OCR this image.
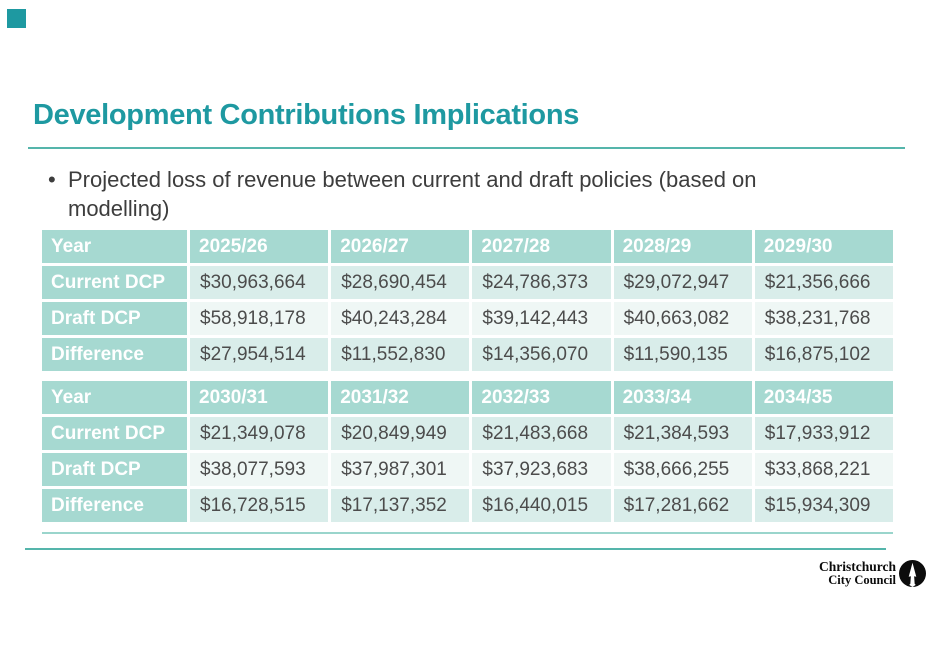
Development Contributions Implications
• Projected loss of revenue between current and draft policies (based on modelling)
Year	2025/26	2026/27	2027/28	2028/29	2029/30
Current DCP	$30,963,664	$28,690,454	$24,786,373	$29,072,947	$21,356,666
Draft DCP	$58,918,178	$40,243,284	$39,142,443	$40,663,082	$38,231,768
Difference	$27,954,514	$11,552,830	$14,356,070	$11,590,135	$16,875,102
Year	2030/31	2031/32	2032/33	2033/34	2034/35
Current DCP	$21,349,078	$20,849,949	$21,483,668	$21,384,593	$17,933,912
Draft DCP	$38,077,593	$37,987,301	$37,923,683	$38,666,255	$33,868,221
Difference	$16,728,515	$17,137,352	$16,440,015	$17,281,662	$15,934,309
Christchurch
City Council
